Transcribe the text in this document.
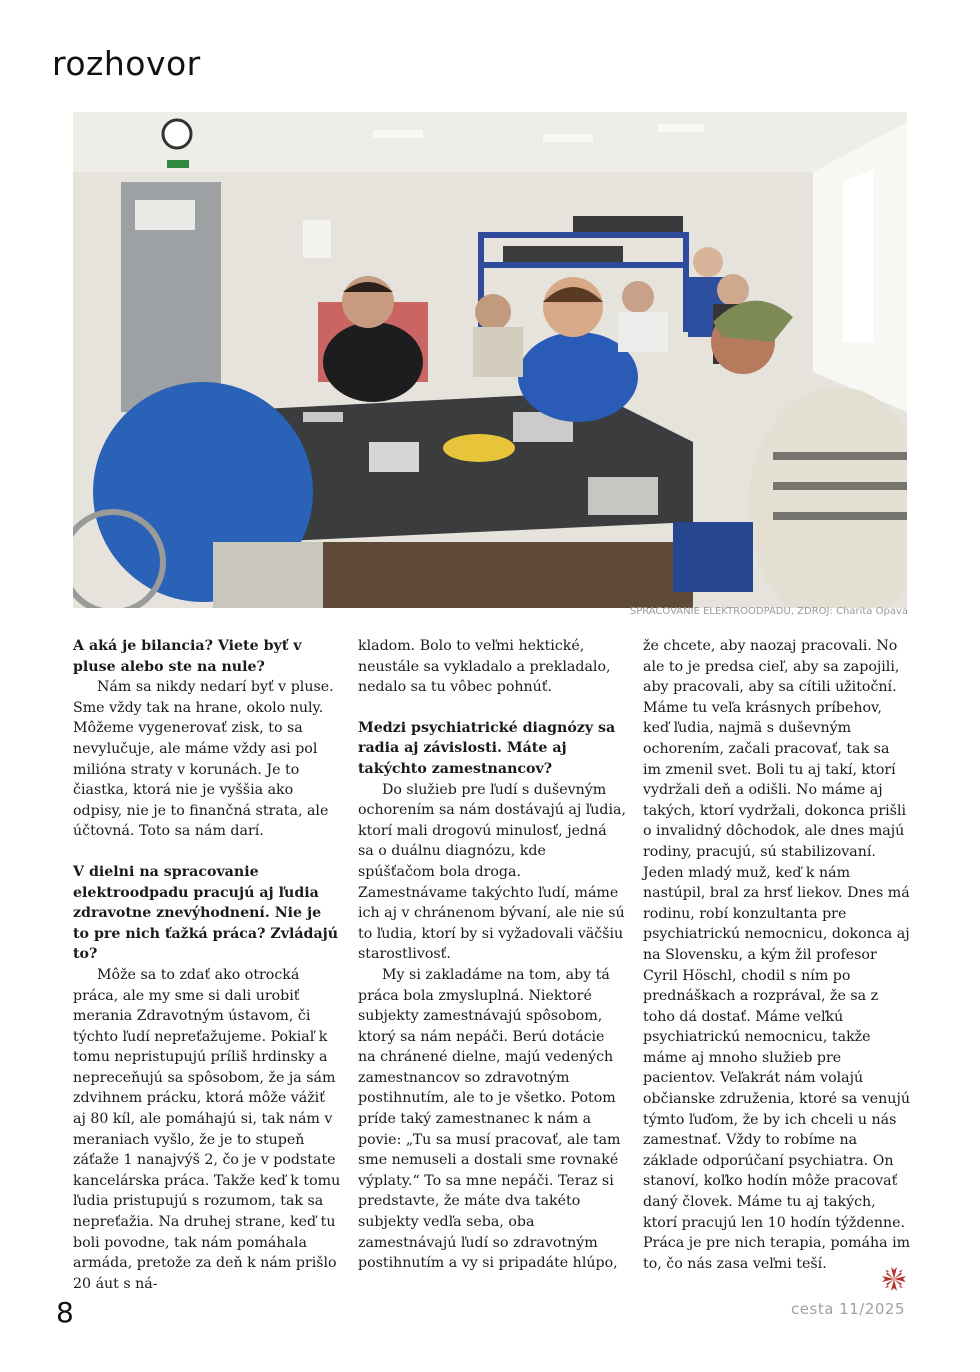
rozhovor
SPRACOVANIE ELEKTROODPADU, ZDROJ: Charita Opava

A aká je bilancia? Viete byť v pluse alebo ste na nule?

Nám sa nikdy nedarí byť v pluse. Sme vždy tak na hrane, okolo nuly. Môžeme vygenerovať zisk, to sa nevylučuje, ale máme vždy asi pol milióna straty v korunách. Je to čiastka, ktorá nie je vyššia ako odpisy, nie je to finančná strata, ale účtovná. Toto sa nám darí.

V dielni na spracovanie elektroodpadu pracujú aj ľudia zdravotne znevýhodnení. Nie je to pre nich ťažká práca? Zvládajú to?

Môže sa to zdať ako otrocká práca, ale my sme si dali urobiť merania Zdravotným ústavom, či týchto ľudí nepreťažujeme. Pokiaľ k tomu nepristupujú príliš hrdinsky a nepreceňujú sa spôsobom, že ja sám zdvihnem prácku, ktorá môže vážiť aj 80 kíl, ale pomáhajú si, tak nám v meraniach vyšlo, že je to stupeň záťaže 1 nanajvýš 2, čo je v podstate kancelárska práca. Takže keď k tomu ľudia pristupujú s rozumom, tak sa nepreťažia. Na druhej strane, keď tu boli povodne, tak nám pomáhala armáda, pretože za deň k nám prišlo 20 áut s ná-

kladom. Bolo to veľmi hektické, neustále sa vykladalo a prekladalo, nedalo sa tu vôbec pohnúť.

Medzi psychiatrické diagnózy sa radia aj závislosti. Máte aj takýchto zamestnancov?

Do služieb pre ľudí s duševným ochorením sa nám dostávajú aj ľudia, ktorí mali drogovú minulosť, jedná sa o duálnu diagnózu, kde spúšťačom bola droga. Zamestnávame takýchto ľudí, máme ich aj v chránenom bývaní, ale nie sú to ľudia, ktorí by si vyžadovali väčšiu starostlivosť.

My si zakladáme na tom, aby tá práca bola zmysluplná. Niektoré subjekty zamestnávajú spôsobom, ktorý sa nám nepáči. Berú dotácie na chránené dielne, majú vedených zamestnancov so zdravotným postihnutím, ale to je všetko. Potom príde taký zamestnanec k nám a povie: „Tu sa musí pracovať, ale tam sme nemuseli a dostali sme rovnaké výplaty.“ To sa mne nepáči. Teraz si predstavte, že máte dva takéto subjekty vedľa seba, oba zamestnávajú ľudí so zdravotným postihnutím a vy si pripadáte hlúpo,

že chcete, aby naozaj pracovali. No ale to je predsa cieľ, aby sa zapojili, aby pracovali, aby sa cítili užitoční. Máme tu veľa krásnych príbehov, keď ľudia, najmä s duševným ochorením, začali pracovať, tak sa im zmenil svet. Boli tu aj takí, ktorí vydržali deň a odišli. No máme aj takých, ktorí vydržali, dokonca prišli o invalidný dôchodok, ale dnes majú rodiny, pracujú, sú stabilizovaní. Jeden mladý muž, keď k nám nastúpil, bral za hrsť liekov. Dnes má rodinu, robí konzultanta pre psychiatrickú nemocnicu, dokonca aj na Slovensku, a kým žil profesor Cyril Höschl, chodil s ním po prednáškach a rozprával, že sa z toho dá dostať. Máme veľkú psychiatrickú nemocnicu, takže máme aj mnoho služieb pre pacientov. Veľakrát nám volajú občianske združenia, ktoré sa venujú týmto ľuďom, že by ich chceli u nás zamestnať. Vždy to robíme na základe odporúčaní psychiatra. On stanoví, koľko hodín môže pracovať daný človek. Máme tu aj takých, ktorí pracujú len 10 hodín týždenne. Práca je pre nich terapia, pomáha im to, čo nás zasa veľmi teší.

8	cesta 11/2025
